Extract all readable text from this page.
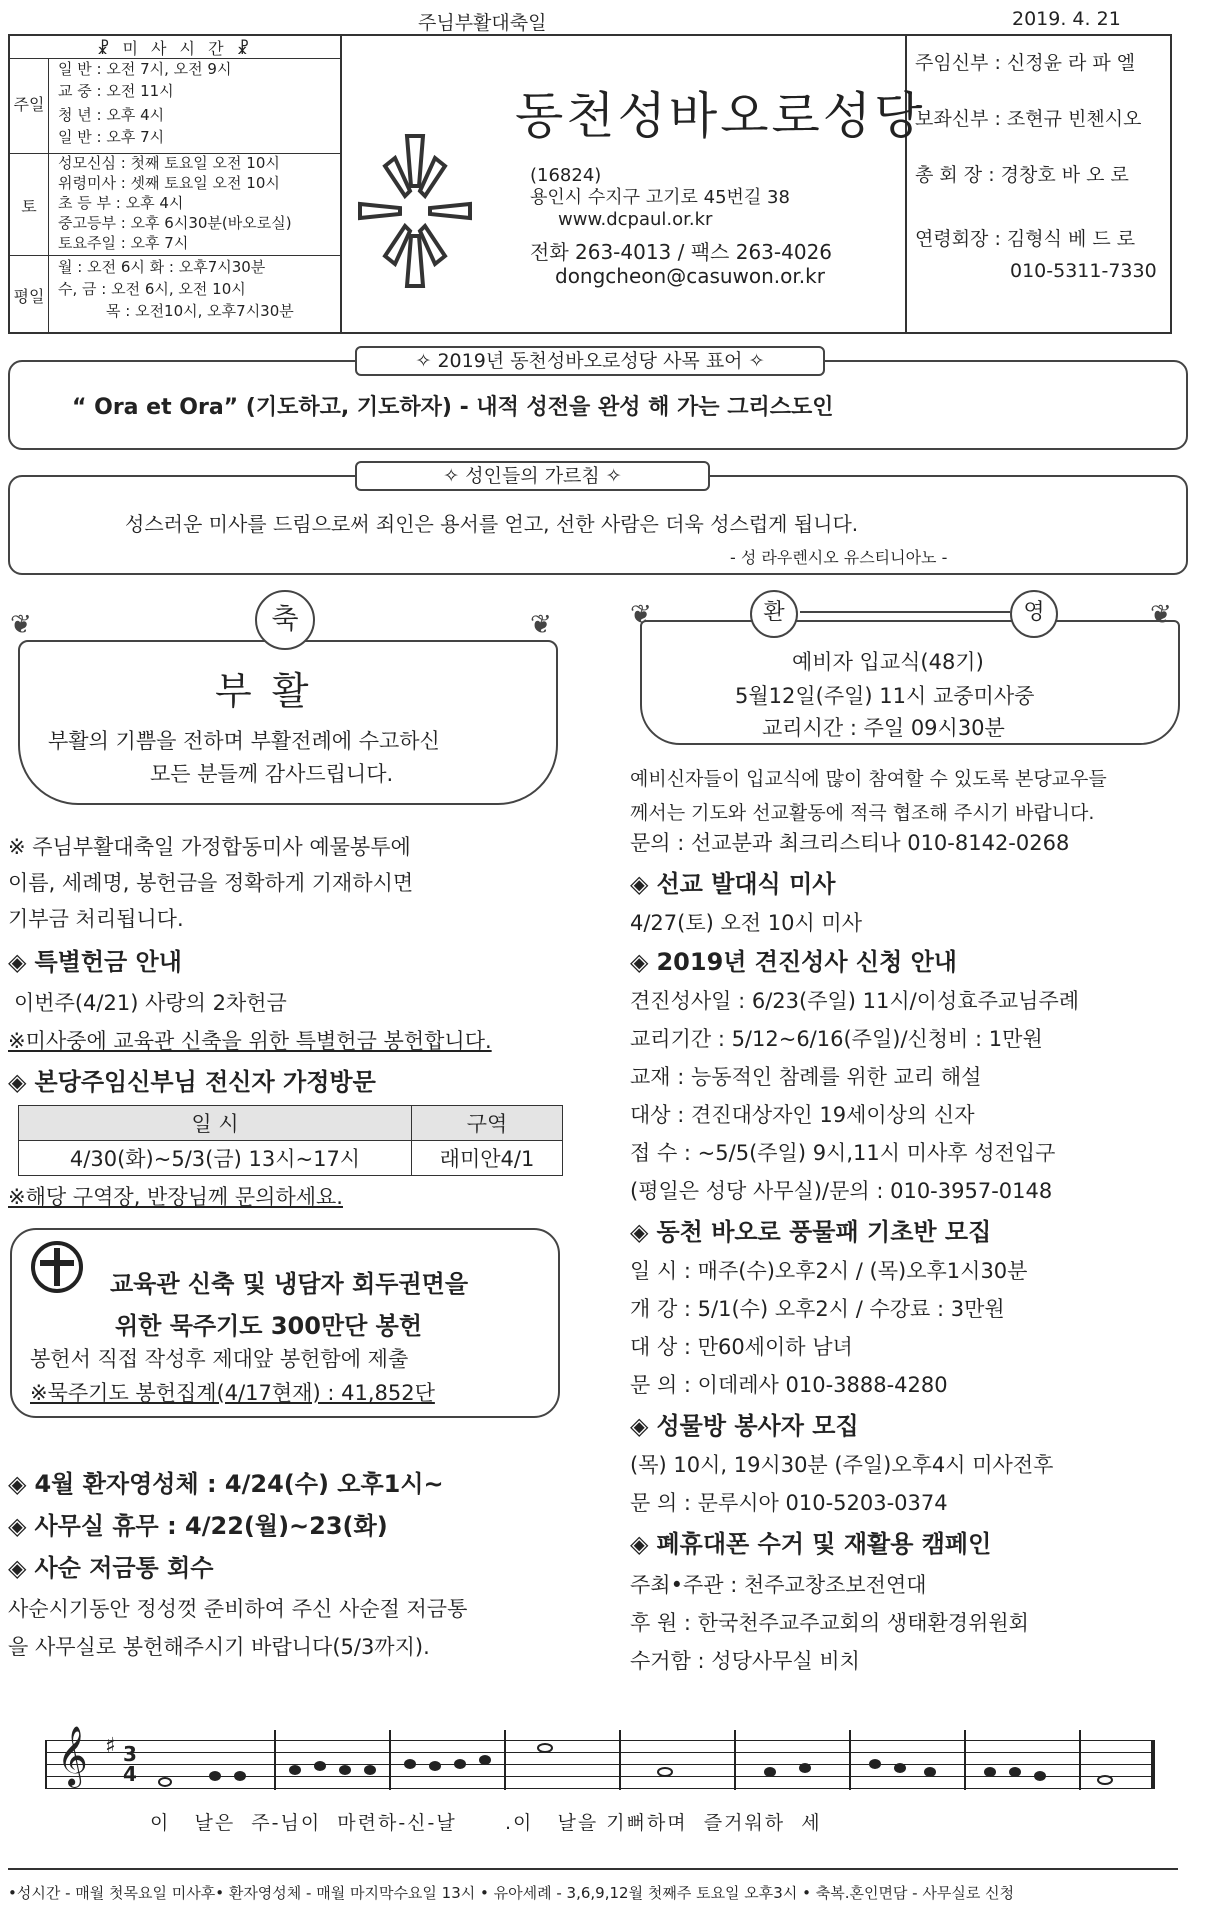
주님부활대축일	2019. 4. 21
☧ 미 사 시 간 ☧
주일
일 반 : 오전 7시, 오전 9시
교 중 : 오전 11시
청 년 : 오후 4시
일 반 : 오후 7시
토
성모신심 : 첫째 토요일 오전 10시
위령미사 : 셋째 토요일 오전 10시
초 등 부 : 오후 4시
중고등부 : 오후 6시30분(바오로실)
토요주일 : 오후 7시
평일
월 : 오전 6시 화 : 오후7시30분
수, 금 : 오전 6시, 오전 10시
목 : 오전10시, 오후7시30분
동천성바오로성당
(16824)
용인시 수지구 고기로 45번길 38
www.dcpaul.or.kr
전화 263-4013 / 팩스 263-4026
dongcheon@casuwon.or.kr
주임신부 : 신정윤 라 파 엘
보좌신부 : 조현규 빈첸시오
총 회 장 : 경창호 바 오 로
연령회장 : 김형식 베 드 로
010-5311-7330
✧ 2019년 동천성바오로성당 사목 표어 ✧
“ Ora et Ora” (기도하고, 기도하자) - 내적 성전을 완성 해 가는 그리스도인
✧ 성인들의 가르침 ✧
성스러운 미사를 드림으로써 죄인은 용서를 얻고, 선한 사람은 더욱 성스럽게 됩니다.
- 성 라우렌시오 유스티니아노 -
❦	❦
축
부 활
부활의 기쁨을 전하며 부활전례에 수고하신
모든 분들께 감사드립니다.
❦	❦
환	영
예비자 입교식(48기)
5월12일(주일) 11시 교중미사중
교리시간 : 주일 09시30분
※ 주님부활대축일 가정합동미사 예물봉투에
이름, 세례명, 봉헌금을 정확하게 기재하시면
기부금 처리됩니다.
◈ 특별헌금 안내
이번주(4/21) 사랑의 2차헌금
※미사중에 교육관 신축을 위한 특별헌금 봉헌합니다.
◈ 본당주임신부님 전신자 가정방문
일 시	구역
4/30(화)~5/3(금) 13시~17시	래미안4/1
※해당 구역장, 반장님께 문의하세요.
교육관 신축 및 냉담자 회두권면을
위한 묵주기도 300만단 봉헌
봉헌서 직접 작성후 제대앞 봉헌함에 제출
※묵주기도 봉헌집계(4/17현재) : 41,852단
◈ 4월 환자영성체 : 4/24(수) 오후1시~
◈ 사무실 휴무 : 4/22(월)~23(화)
◈ 사순 저금통 회수
사순시기동안 정성껏 준비하여 주신 사순절 저금통
을 사무실로 봉헌해주시기 바랍니다(5/3까지).
예비신자들이 입교식에 많이 참여할 수 있도록 본당교우들
께서는 기도와 선교활동에 적극 협조해 주시기 바랍니다.
문의 : 선교분과 최크리스티나 010-8142-0268
◈ 선교 발대식 미사
4/27(토) 오전 10시 미사
◈ 2019년 견진성사 신청 안내
견진성사일 : 6/23(주일) 11시/이성효주교님주례
교리기간 : 5/12~6/16(주일)/신청비 : 1만원
교재 : 능동적인 참례를 위한 교리 해설
대상 : 견진대상자인 19세이상의 신자
접 수 : ~5/5(주일) 9시,11시 미사후 성전입구
(평일은 성당 사무실)/문의 : 010-3957-0148
◈ 동천 바오로 풍물패 기초반 모집
일 시 : 매주(수)오후2시 / (목)오후1시30분
개 강 : 5/1(수) 오후2시 / 수강료 : 3만원
대 상 : 만60세이하 남녀
문 의 : 이데레사 010-3888-4280
◈ 성물방 봉사자 모집
(목) 10시, 19시30분 (주일)오후4시 미사전후
문 의 : 문루시아 010-5203-0374
◈ 폐휴대폰 수거 및 재활용 캠페인
주최•주관 : 천주교창조보전연대
후 원 : 한국천주교주교회의 생태환경위원회
수거함 : 성당사무실 비치
𝄞 ♯ 3
4
이   날은  주-님이  마련하-신-날      .이   날을 기뻐하며  즐거워하  세
•성시간 - 매월 첫목요일 미사후• 환자영성체 - 매월 마지막수요일 13시 • 유아세례 - 3,6,9,12월 첫째주 토요일 오후3시 • 축복.혼인면담 - 사무실로 신청
